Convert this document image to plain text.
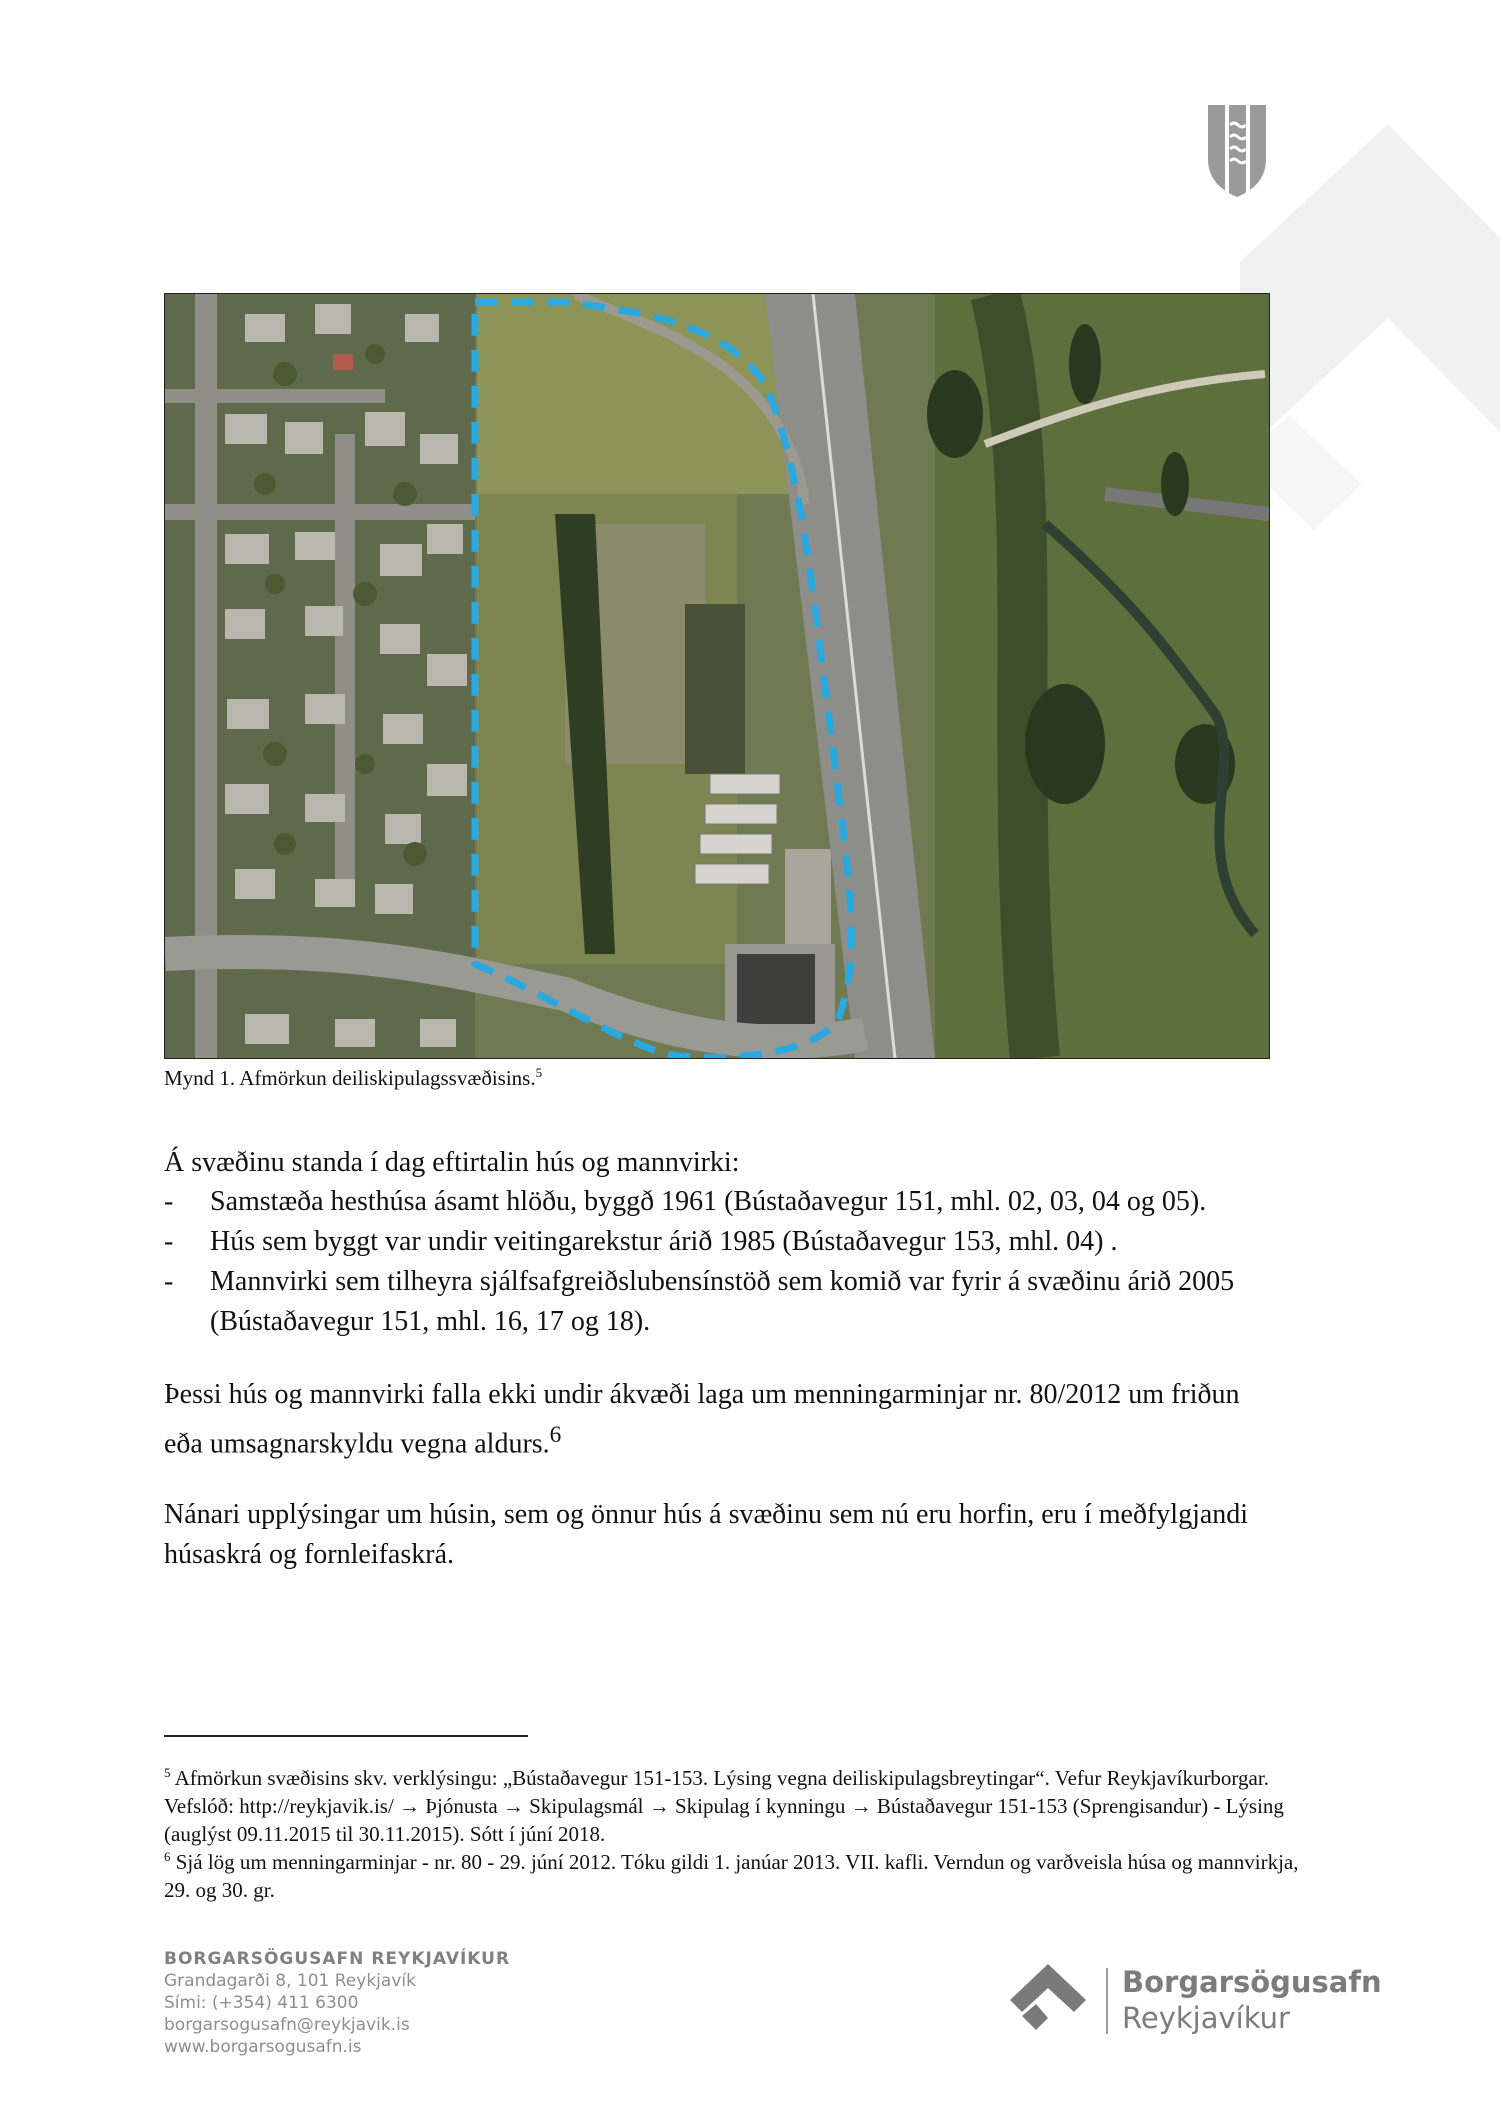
Mynd 1. Afmörkun deiliskipulagssvæðisins.$^5$
Á svæðinu standa í dag eftirtalin hús og mannvirki:
- Samstæða hesthúsa ásamt hlöðu, byggð 1961 (Bústaðavegur 151, mhl. 02, 03, 04 og 05).
- Hús sem byggt var undir veitingarekstur árið 1985 (Bústaðavegur 153, mhl. 04) .
- Mannvirki sem tilheyra sjálfsafgreiðslubensínstöð sem komið var fyrir á svæðinu árið 2005 (Bústaðavegur 151, mhl. 16, 17 og 18).
Þessi hús og mannvirki falla ekki undir ákvæði laga um menningarminjar nr. 80/2012 um friðun eða umsagnarskyldu vegna aldurs.$^6$
Nánari upplýsingar um húsin, sem og önnur hús á svæðinu sem nú eru horfin, eru í meðfylgjandi húsaskrá og fornleifaskrá.

$^5$ Afmörkun svæðisins skv. verklýsingu: „Bústaðavegur 151-153. Lýsing vegna deiliskipulagsbreytingar“. Vefur Reykjavíkurborgar. Vefslóð: http://reykjavik.is/ → Þjónusta → Skipulagsmál → Skipulag í kynningu → Bústaðavegur 151-153 (Sprengisandur) - Lýsing (auglýst 09.11.2015 til 30.11.2015). Sótt í júní 2018.

$^6$ Sjá lög um menningarminjar - nr. 80 - 29. júní 2012. Tóku gildi 1. janúar 2013. VII. kafli. Verndun og varðveisla húsa og mannvirkja, 29. og 30. gr.

BORGARSÖGUSAFN REYKJAVÍKUR
Grandagarði 8, 101 Reykjavík
Sími: (+354) 411 6300
borgarsogusafn@reykjavik.is
www.borgarsogusafn.is
Borgarsögusafn
Reykjavíkur
